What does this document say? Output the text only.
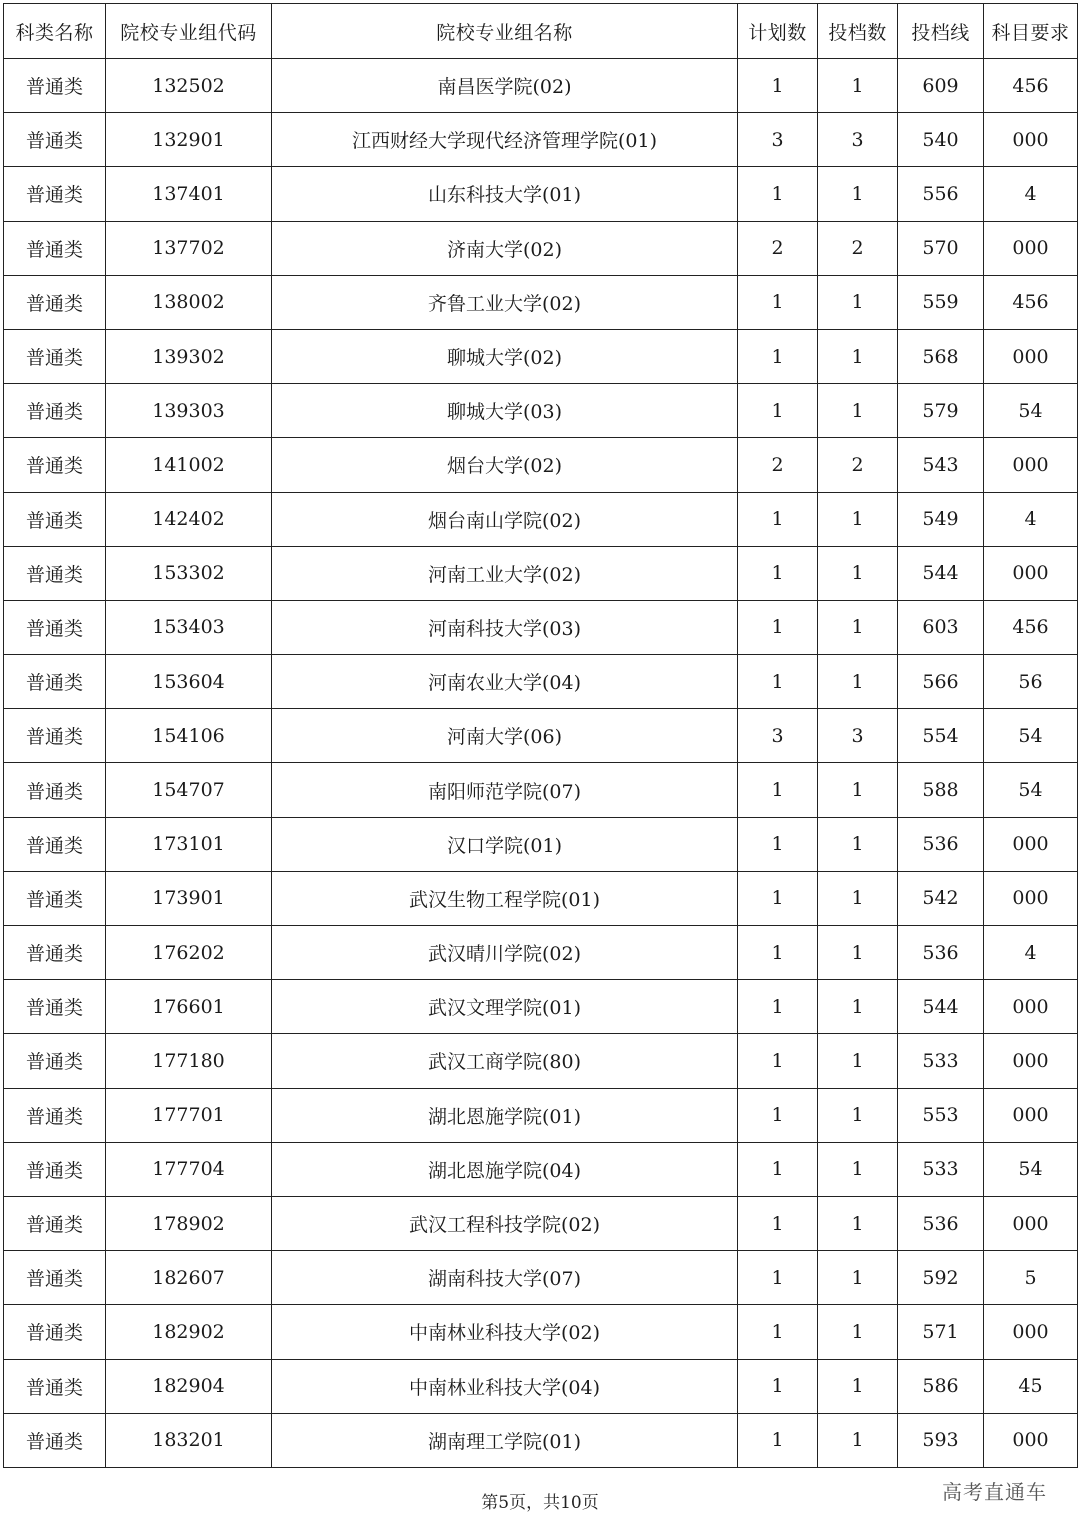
科类名称	院校专业组代码	院校专业组名称	计划数	投档数	投档线	科目要求
普通类	132502	南昌医学院(02)	1	1	609	456
普通类	132901	江西财经大学现代经济管理学院(01)	3	3	540	000
普通类	137401	山东科技大学(01)	1	1	556	4
普通类	137702	济南大学(02)	2	2	570	000
普通类	138002	齐鲁工业大学(02)	1	1	559	456
普通类	139302	聊城大学(02)	1	1	568	000
普通类	139303	聊城大学(03)	1	1	579	54
普通类	141002	烟台大学(02)	2	2	543	000
普通类	142402	烟台南山学院(02)	1	1	549	4
普通类	153302	河南工业大学(02)	1	1	544	000
普通类	153403	河南科技大学(03)	1	1	603	456
普通类	153604	河南农业大学(04)	1	1	566	56
普通类	154106	河南大学(06)	3	3	554	54
普通类	154707	南阳师范学院(07)	1	1	588	54
普通类	173101	汉口学院(01)	1	1	536	000
普通类	173901	武汉生物工程学院(01)	1	1	542	000
普通类	176202	武汉晴川学院(02)	1	1	536	4
普通类	176601	武汉文理学院(01)	1	1	544	000
普通类	177180	武汉工商学院(80)	1	1	533	000
普通类	177701	湖北恩施学院(01)	1	1	553	000
普通类	177704	湖北恩施学院(04)	1	1	533	54
普通类	178902	武汉工程科技学院(02)	1	1	536	000
普通类	182607	湖南科技大学(07)	1	1	592	5
普通类	182902	中南林业科技大学(02)	1	1	571	000
普通类	182904	中南林业科技大学(04)	1	1	586	45
普通类	183201	湖南理工学院(01)	1	1	593	000
第5页，共10页	高考直通车
